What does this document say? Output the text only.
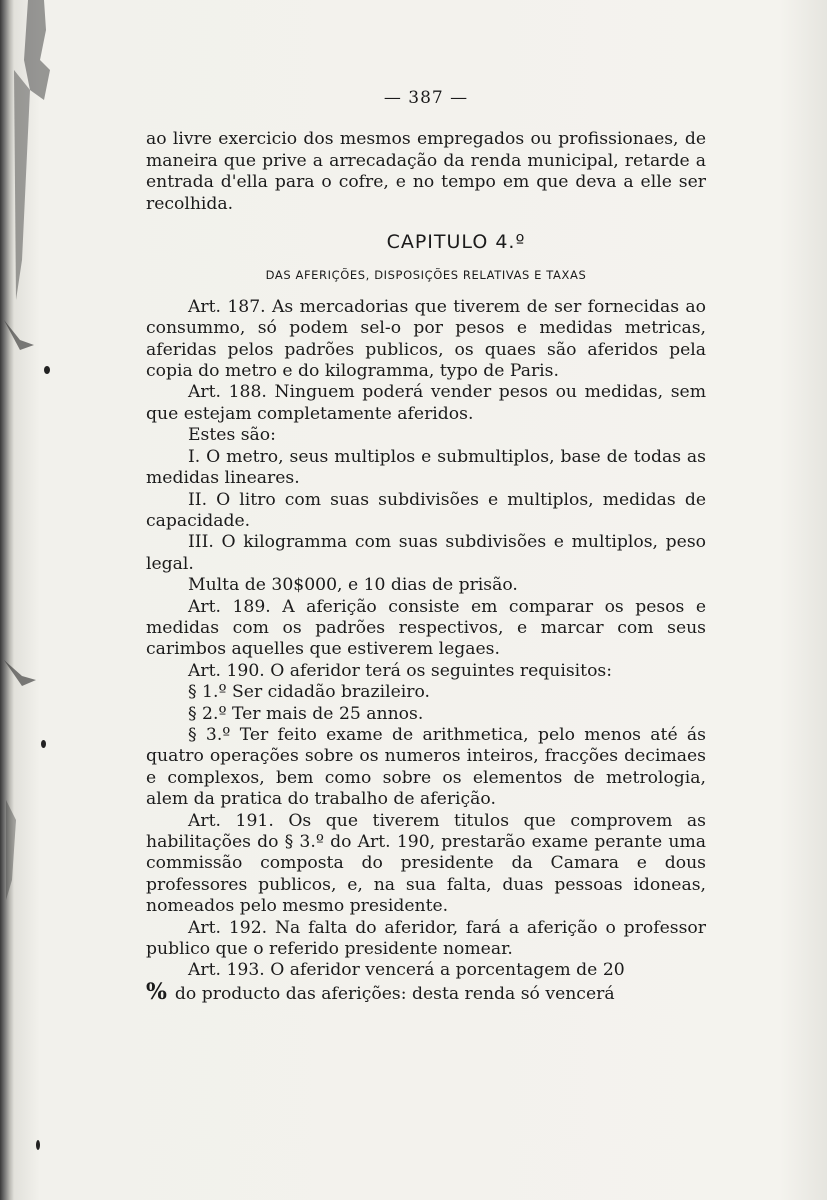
— 387 —

ao livre exercicio dos mesmos empregados ou profissionaes, de maneira que prive a arrecadação da renda municipal, retarde a entrada d'ella para o cofre, e no tempo em que deva a elle ser recolhida.

CAPITULO 4.º
DAS AFERIÇÕES, DISPOSIÇÕES RELATIVAS E TAXAS

Art. 187. As mercadorias que tiverem de ser fornecidas ao consummo, só podem sel-o por pesos e medidas metricas, aferidas pelos padrões publicos, os quaes são aferidos pela copia do metro e do kilogramma, typo de Paris.

Art. 188. Ninguem poderá vender pesos ou medidas, sem que estejam completamente aferidos.

Estes são:

I. O metro, seus multiplos e submultiplos, base de todas as medidas lineares.

II. O litro com suas subdivisões e multiplos, medidas de capacidade.

III. O kilogramma com suas subdivisões e multiplos, peso legal.

Multa de 30$000, e 10 dias de prisão.

Art. 189. A aferição consiste em comparar os pesos e medidas com os padrões respectivos, e marcar com seus carimbos aquelles que estiverem legaes.

Art. 190. O aferidor terá os seguintes requisitos:

§ 1.º Ser cidadão brazileiro.

§ 2.º Ter mais de 25 annos.

§ 3.º Ter feito exame de arithmetica, pelo menos até ás quatro operações sobre os numeros inteiros, fracções decimaes e complexos, bem como sobre os elementos de metrologia, alem da pratica do trabalho de aferição.

Art. 191. Os que tiverem titulos que comprovem as habilitações do § 3.º do Art. 190, prestarão exame perante uma commissão composta do presidente da Camara e dous professores publicos, e, na sua falta, duas pessoas idoneas, nomeados pelo mesmo presidente.

Art. 192. Na falta do aferidor, fará a aferição o professor publico que o referido presidente nomear.

Art. 193. O aferidor vencerá a porcentagem de 20

% do producto das aferições: desta renda só vencerá
